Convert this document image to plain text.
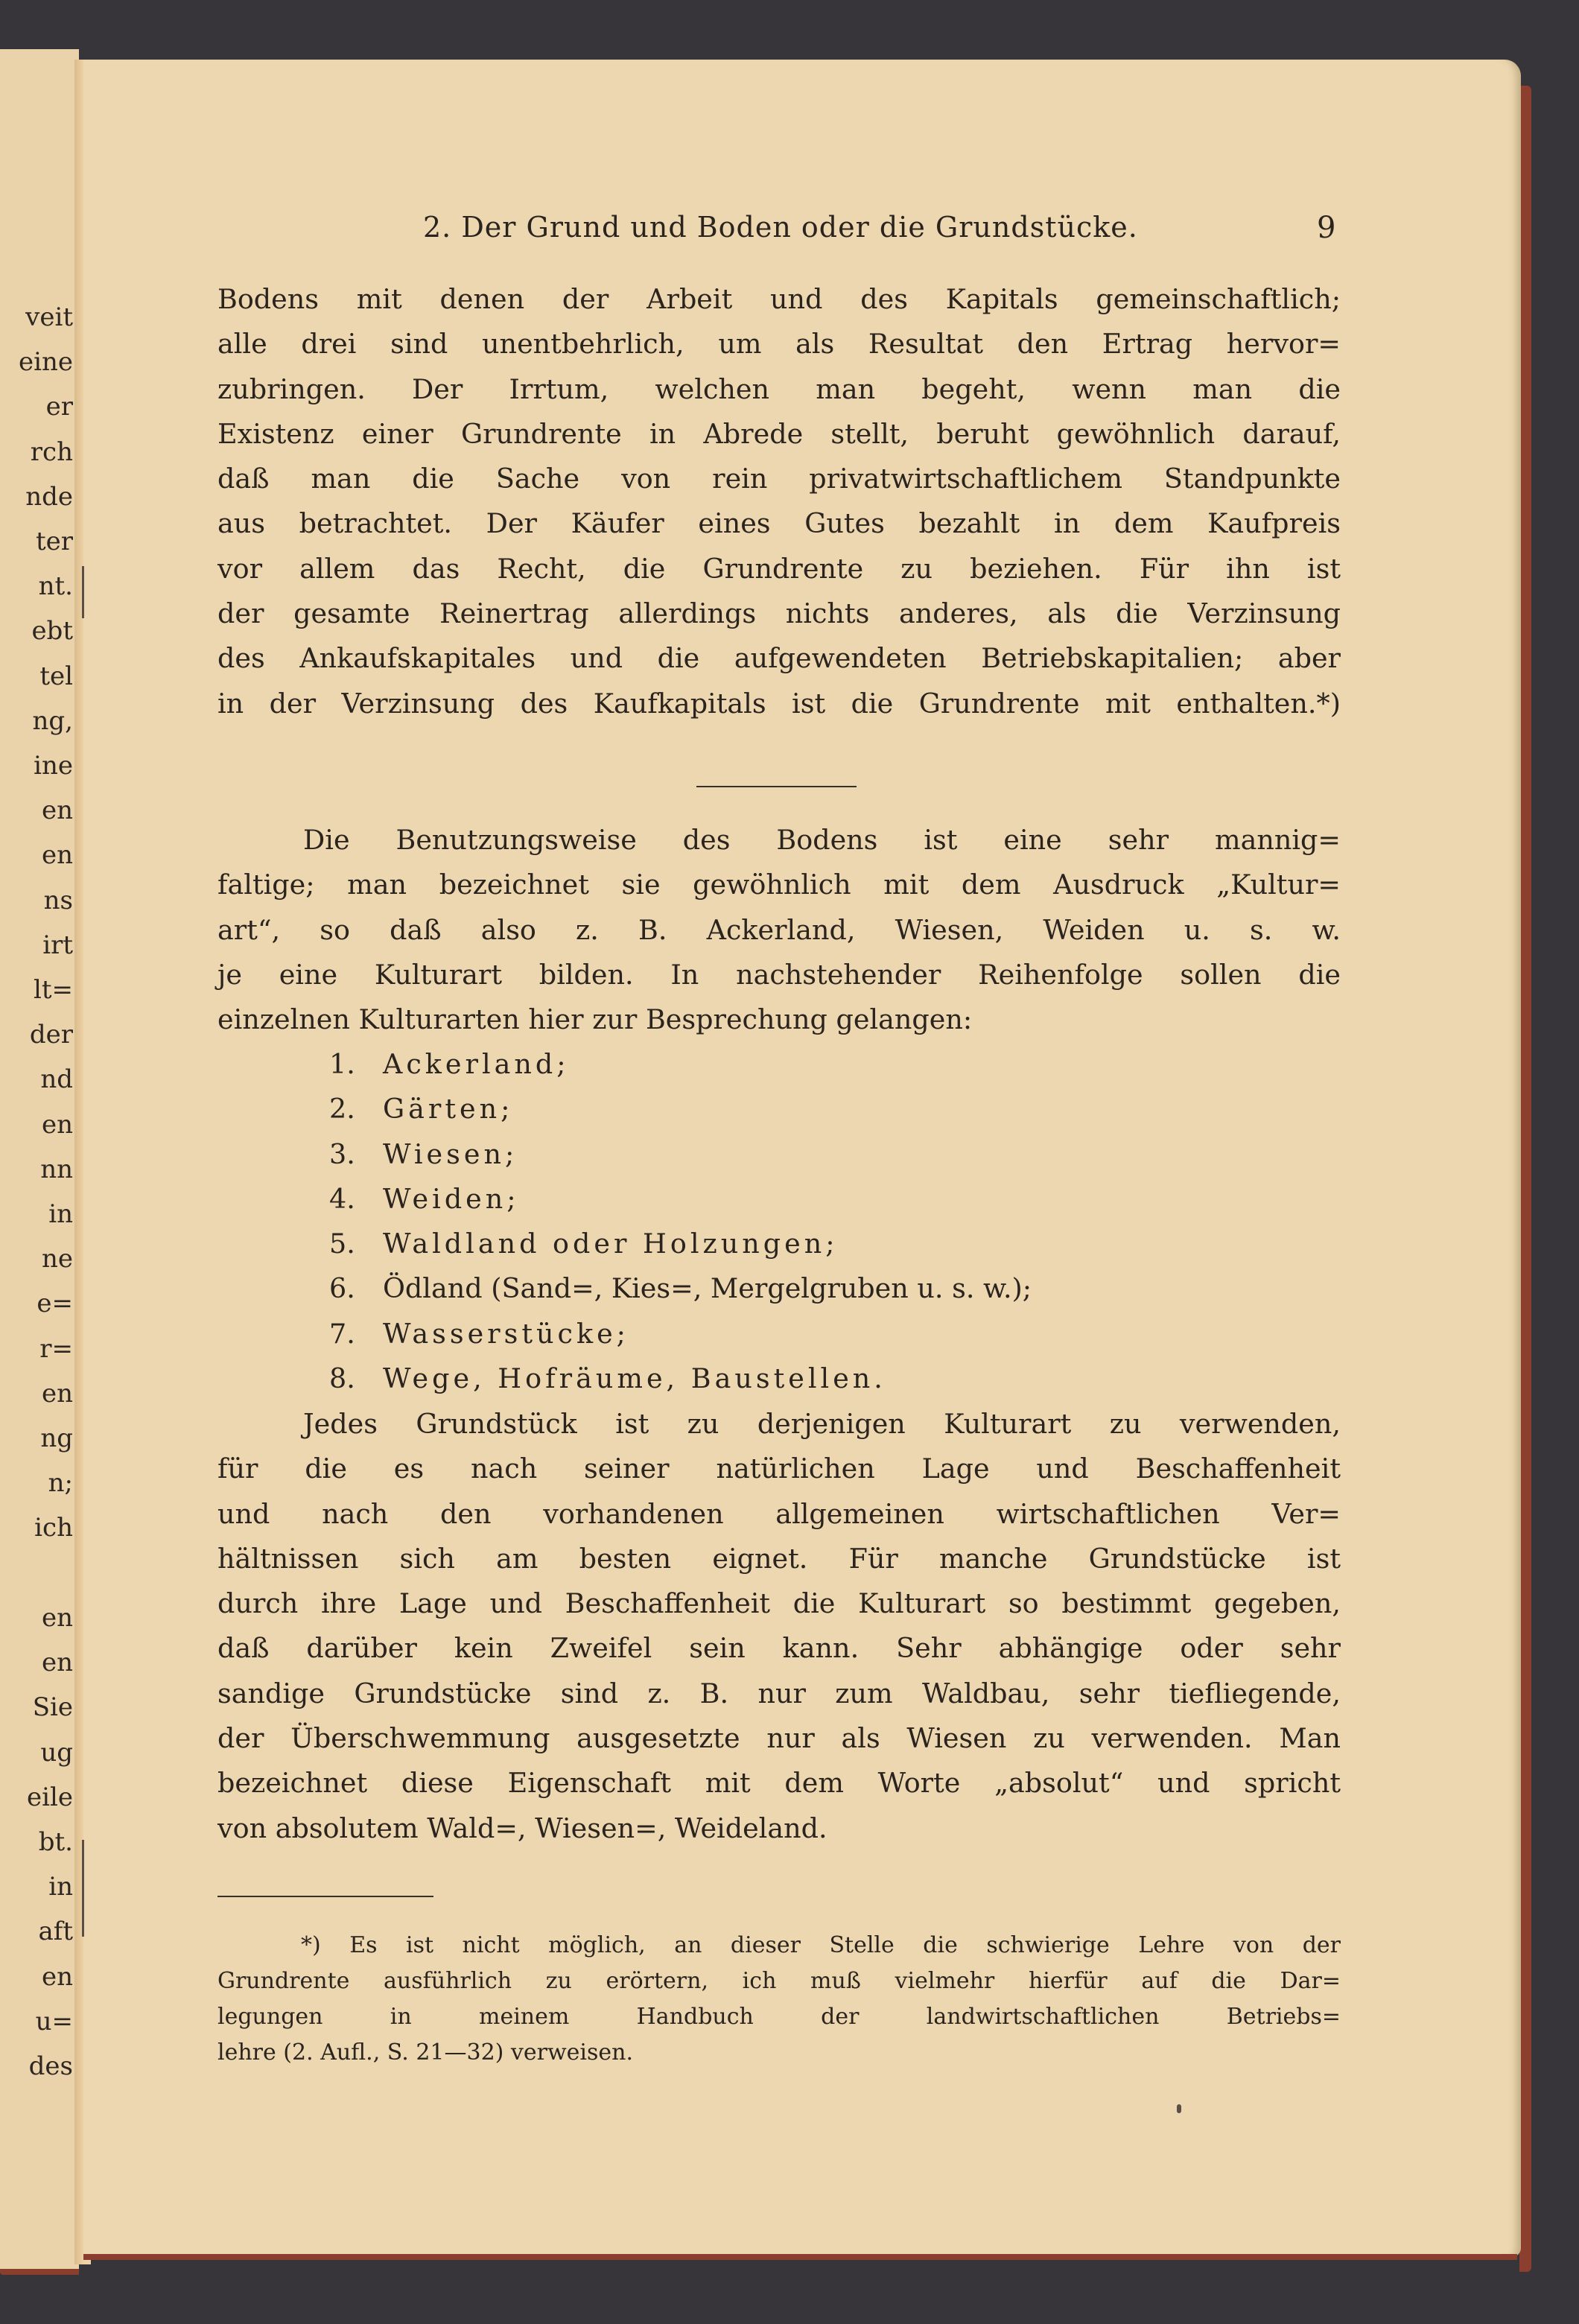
veit
eine
er
rch
nde
ter
nt.
ebt
tel
ng,
ine
en
en
ns
irt
lt=
der
nd
en
nn
in
ne
e=
r=
en
ng
n;
ich

en
en
Sie
ug
eile
bt.
in
aft
en
u=
des
2. Der Grund und Boden oder die Grundstücke.	9

Bodens mit denen der Arbeit und des Kapitals gemeinschaftlich;

alle drei sind unentbehrlich, um als Resultat den Ertrag hervor=

zubringen. Der Irrtum, welchen man begeht, wenn man die

Existenz einer Grundrente in Abrede stellt, beruht gewöhnlich darauf,

daß man die Sache von rein privatwirtschaftlichem Standpunkte

aus betrachtet. Der Käufer eines Gutes bezahlt in dem Kaufpreis

vor allem das Recht, die Grundrente zu beziehen. Für ihn ist

der gesamte Reinertrag allerdings nichts anderes, als die Verzinsung

des Ankaufskapitales und die aufgewendeten Betriebskapitalien; aber

in der Verzinsung des Kaufkapitals ist die Grundrente mit enthalten.*)

Die Benutzungsweise des Bodens ist eine sehr mannig=

faltige; man bezeichnet sie gewöhnlich mit dem Ausdruck „Kultur=

art“, so daß also z. B. Ackerland, Wiesen, Weiden u. s. w.

je eine Kulturart bilden. In nachstehender Reihenfolge sollen die

einzelnen Kulturarten hier zur Besprechung gelangen:

1. Ackerland;
2. Gärten;
3. Wiesen;
4. Weiden;
5. Waldland oder Holzungen;
6. Ödland (Sand=, Kies=, Mergelgruben u. s. w.);
7. Wasserstücke;
8. Wege, Hofräume, Baustellen.

Jedes Grundstück ist zu derjenigen Kulturart zu verwenden,

für die es nach seiner natürlichen Lage und Beschaffenheit

und nach den vorhandenen allgemeinen wirtschaftlichen Ver=

hältnissen sich am besten eignet. Für manche Grundstücke ist

durch ihre Lage und Beschaffenheit die Kulturart so bestimmt gegeben,

daß darüber kein Zweifel sein kann. Sehr abhängige oder sehr

sandige Grundstücke sind z. B. nur zum Waldbau, sehr tiefliegende,

der Überschwemmung ausgesetzte nur als Wiesen zu verwenden. Man

bezeichnet diese Eigenschaft mit dem Worte „absolut“ und spricht

von absolutem Wald=, Wiesen=, Weideland.

*) Es ist nicht möglich, an dieser Stelle die schwierige Lehre von der

Grundrente ausführlich zu erörtern, ich muß vielmehr hierfür auf die Dar=

legungen in meinem Handbuch der landwirtschaftlichen Betriebs=

lehre (2. Aufl., S. 21—32) verweisen.
